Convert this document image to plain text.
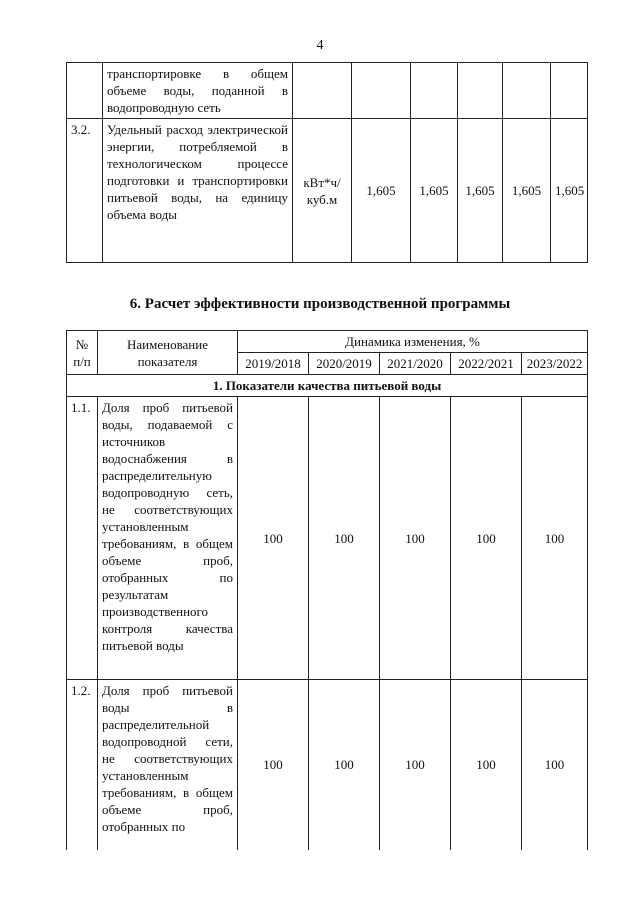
4
	транспортировке в общем объеме воды, поданной в водопроводную сеть						
3.2.	Удельный расход электрической энергии, потребляемой в технологическом процессе подготовки и транспортировки питьевой воды, на единицу объема воды	кВт*ч/ куб.м	1,605	1,605	1,605	1,605	1,605
6. Расчет эффективности производственной программы
№ п/п	Наименование показателя	Динамика изменения, %				
		2019/2018	2020/2019	2021/2020	2022/2021	2023/2022
1. Показатели качества питьевой воды						
1.1.	Доля проб питьевой воды, подаваемой с источников водоснабжения в распределительную водопроводную сеть, не соответствующих установленным требованиям, в общем объеме проб, отобранных по результатам производственного контроля качества питьевой воды	100	100	100	100	100
1.2.	Доля проб питьевой воды в распределительной водопроводной сети, не соответствующих установленным требованиям, в общем объеме проб, отобранных по	100	100	100	100	100
